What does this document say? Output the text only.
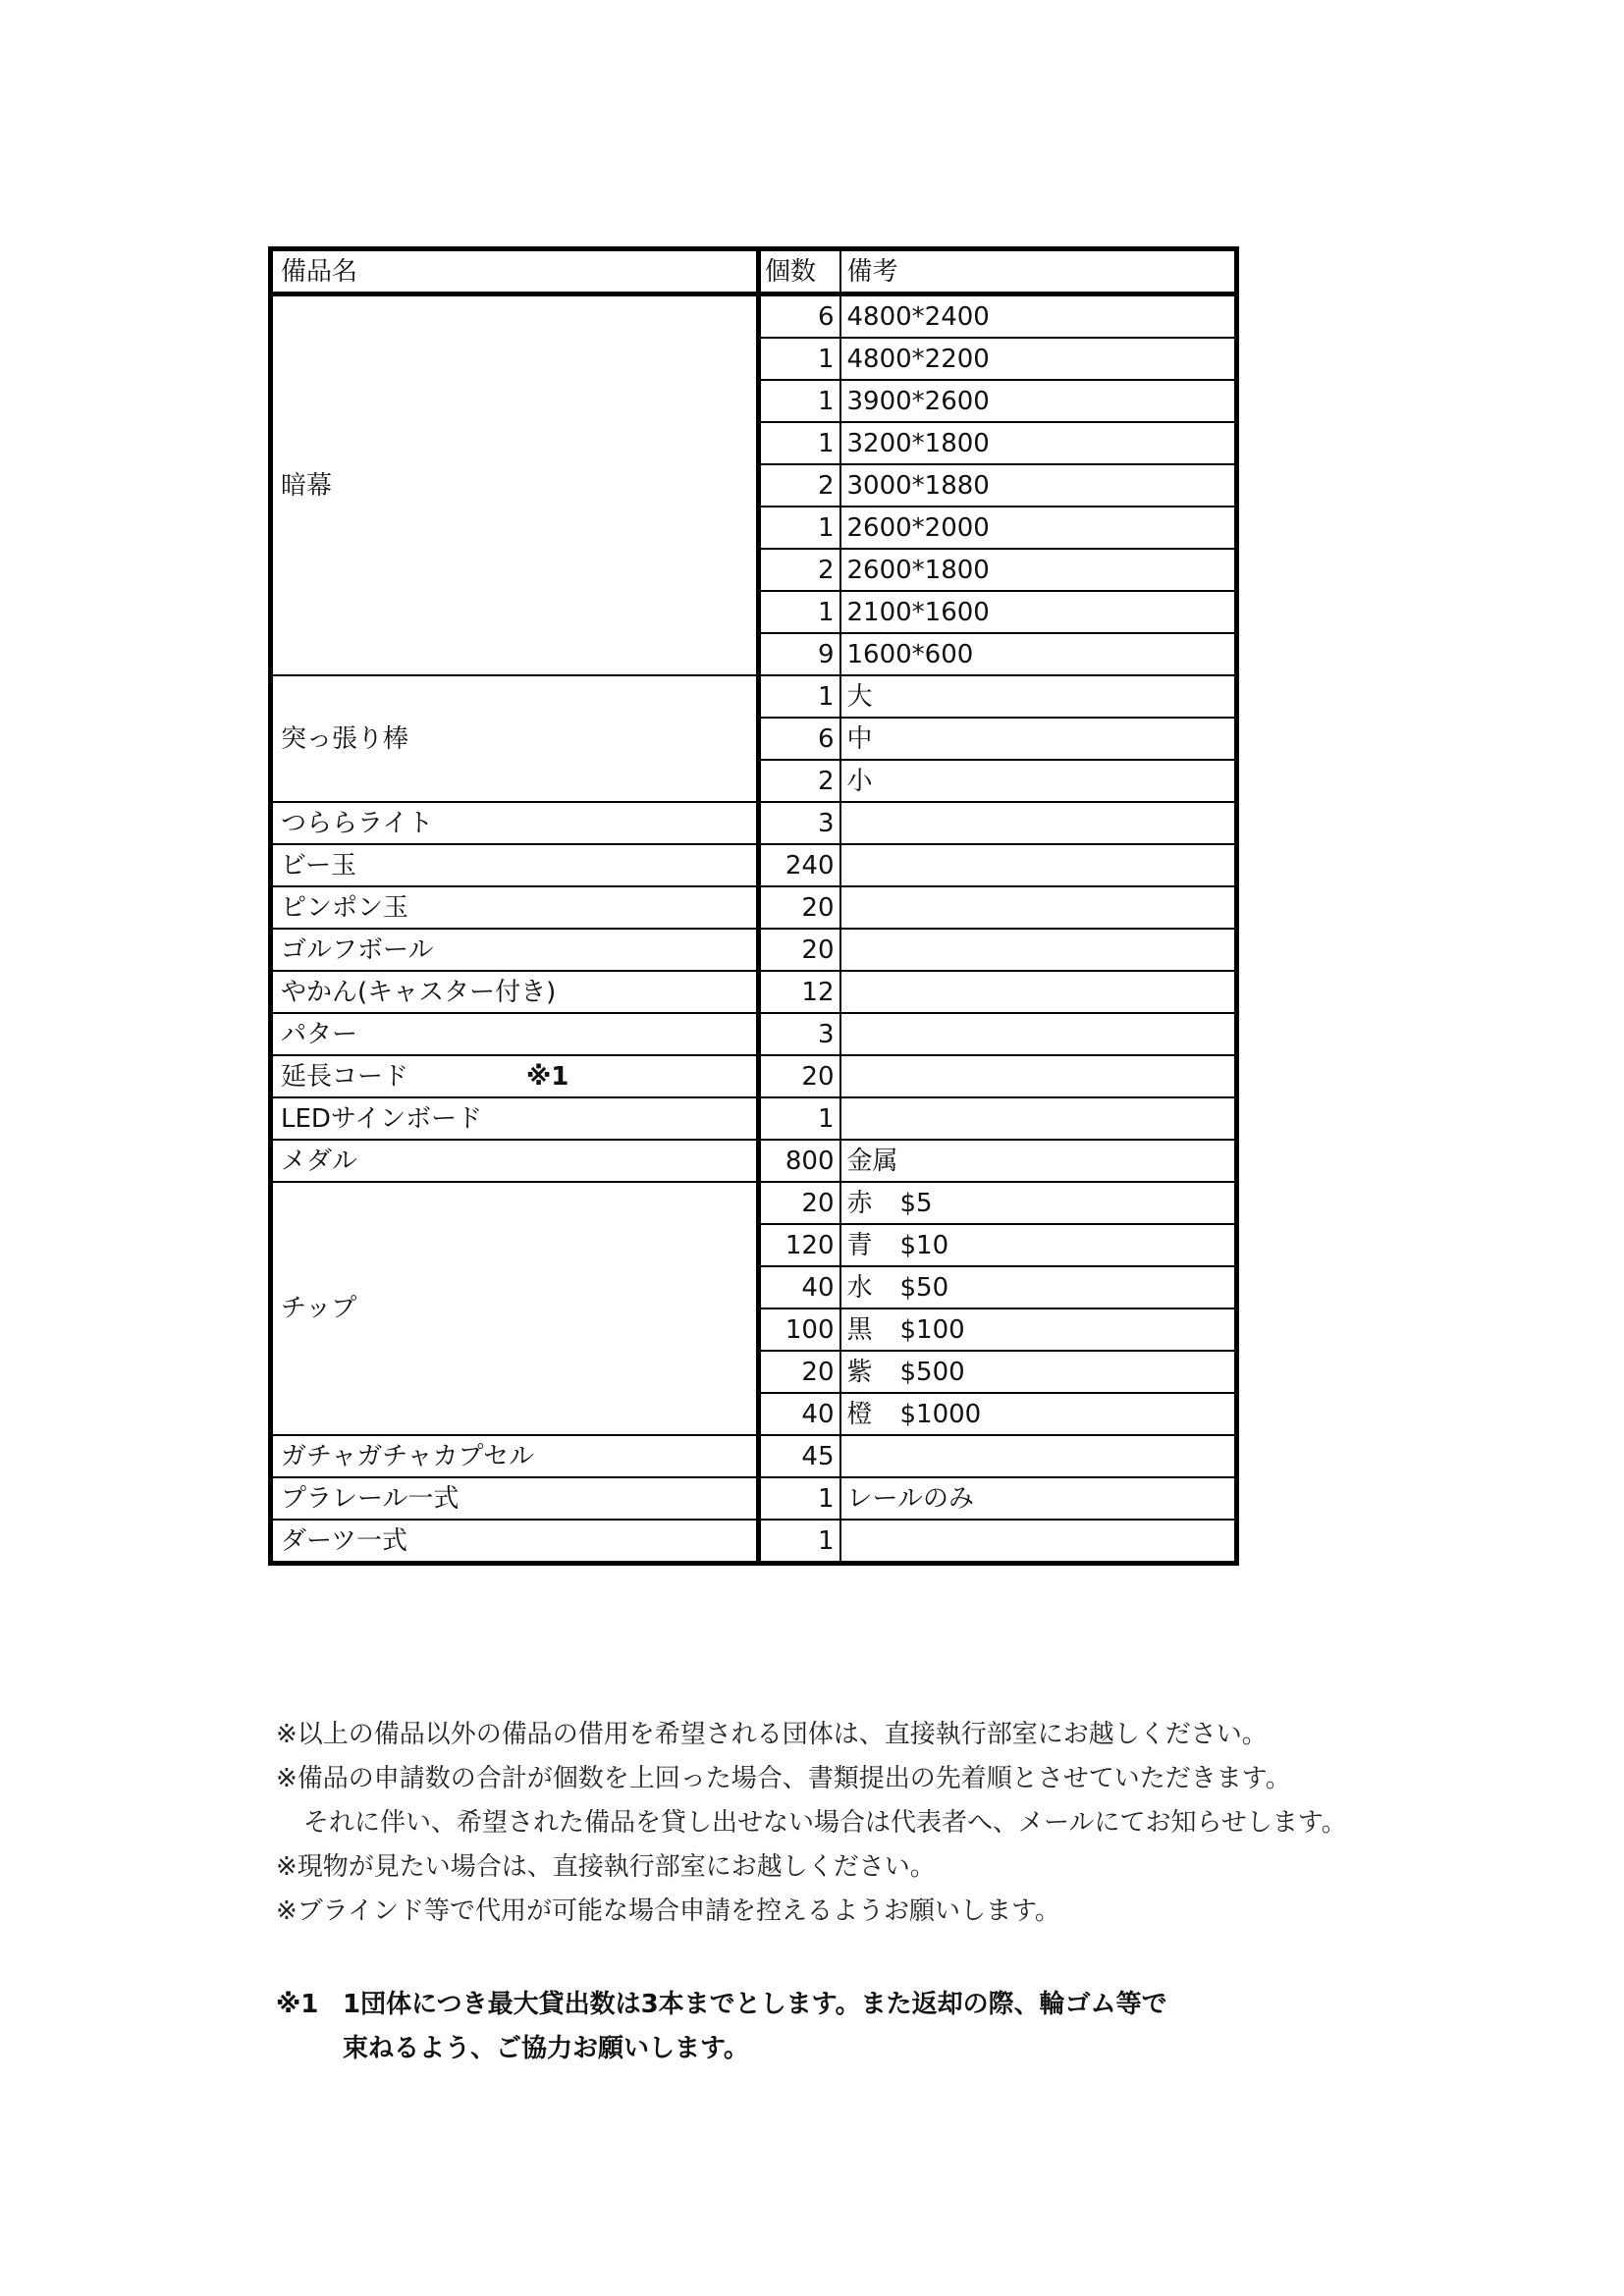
備品名	個数	備考
暗幕	6	4800*2400
	1	4800*2200
	1	3900*2600
	1	3200*1800
	2	3000*1880
	1	2600*2000
	2	2600*1800
	1	2100*1600
	9	1600*600
突っ張り棒	1	大
	6	中
	2	小
つららライト	3	
ビー玉	240	
ピンポン玉	20	
ゴルフボール	20	
やかん(キャスター付き)	12	
パター	3	
延長コード ※1	20	
LEDサインボード	1	
メダル	800	金属
チップ	20	赤 $5
	120	青 $10
	40	水 $50
	100	黒 $100
	20	紫 $500
	40	橙 $1000
ガチャガチャカプセル	45	
プラレール一式	1	レールのみ
ダーツ一式	1	

※以上の備品以外の備品の借用を希望される団体は、直接執行部室にお越しください。

※備品の申請数の合計が個数を上回った場合、書類提出の先着順とさせていただきます。

それに伴い、希望された備品を貸し出せない場合は代表者へ、メールにてお知らせします。

※現物が見たい場合は、直接執行部室にお越しください。

※ブラインド等で代用が可能な場合申請を控えるようお願いします。

※1 1団体につき最大貸出数は3本までとします。また返却の際、輪ゴム等で

束ねるよう、ご協力お願いします。
